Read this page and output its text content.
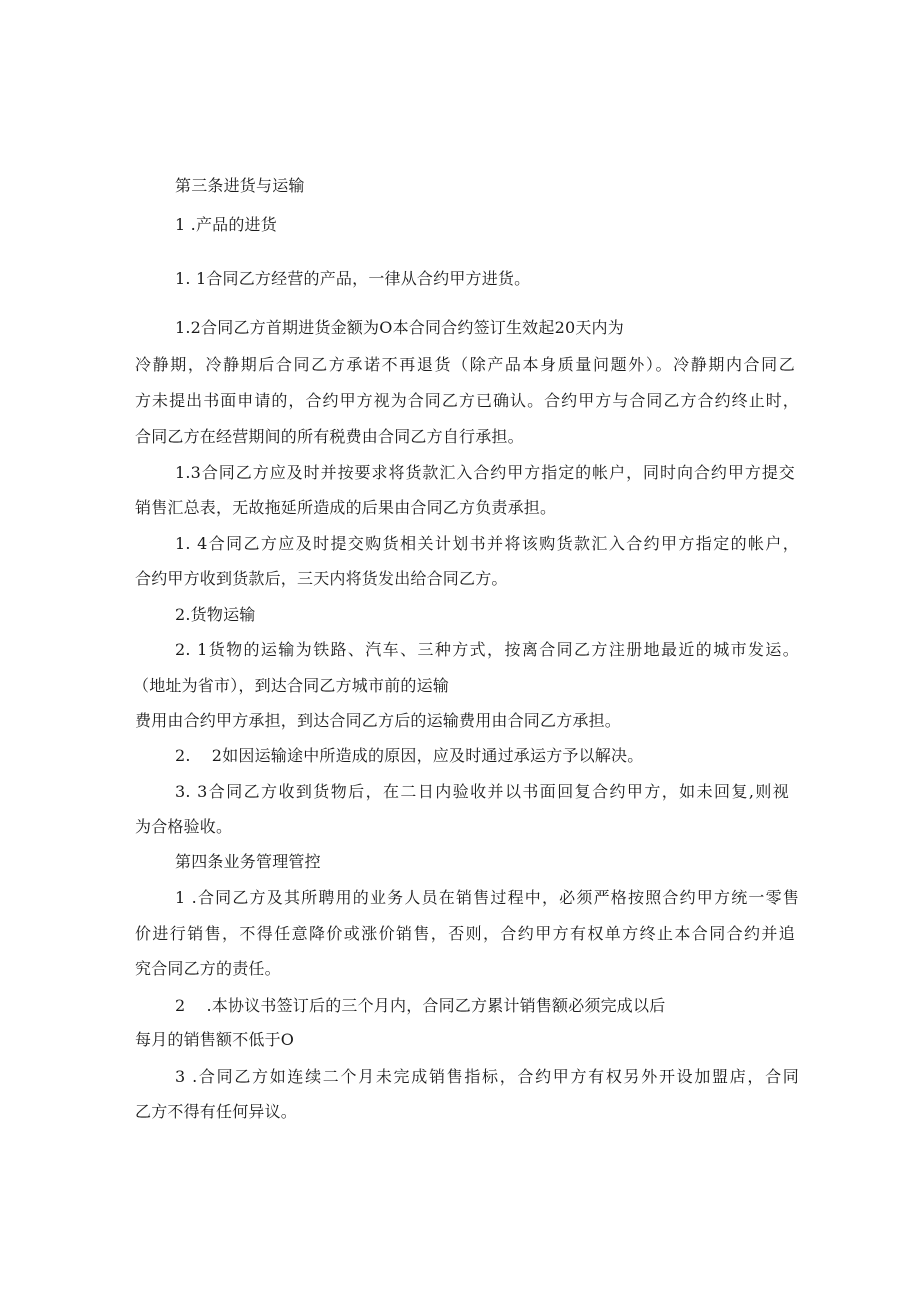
第三条进货与运输
1 .产品的进货
1. 1合同乙方经营的产品，一律从合约甲方进货。
1.2合同乙方首期进货金额为O本合同合约签订生效起20天内为
冷静期，冷静期后合同乙方承诺不再退货（除产品本身质量问题外）。冷静期内合同乙
方未提出书面申请的，合约甲方视为合同乙方已确认。合约甲方与合同乙方合约终止时，
合同乙方在经营期间的所有税费由合同乙方自行承担。
1.3合同乙方应及时并按要求将货款汇入合约甲方指定的帐户，同时向合约甲方提交
销售汇总表，无故拖延所造成的后果由合同乙方负责承担。
1. 4合同乙方应及时提交购货相关计划书并将该购货款汇入合约甲方指定的帐户，
合约甲方收到货款后，三天内将货发出给合同乙方。
2.货物运输
2. 1货物的运输为铁路、汽车、三种方式，按离合同乙方注册地最近的城市发运。
（地址为省市），到达合同乙方城市前的运输
费用由合约甲方承担，到达合同乙方后的运输费用由合同乙方承担。
2.    2如因运输途中所造成的原因，应及时通过承运方予以解决。
3. 3合同乙方收到货物后，在二日内验收并以书面回复合约甲方，如未回复,则视
为合格验收。
第四条业务管理管控
1 .合同乙方及其所聘用的业务人员在销售过程中，必须严格按照合约甲方统一零售
价进行销售，不得任意降价或涨价销售，否则，合约甲方有权单方终止本合同合约并追
究合同乙方的责任。
2    .本协议书签订后的三个月内，合同乙方累计销售额必须完成以后
每月的销售额不低于O
3 .合同乙方如连续二个月未完成销售指标，合约甲方有权另外开设加盟店，合同
乙方不得有任何异议。
